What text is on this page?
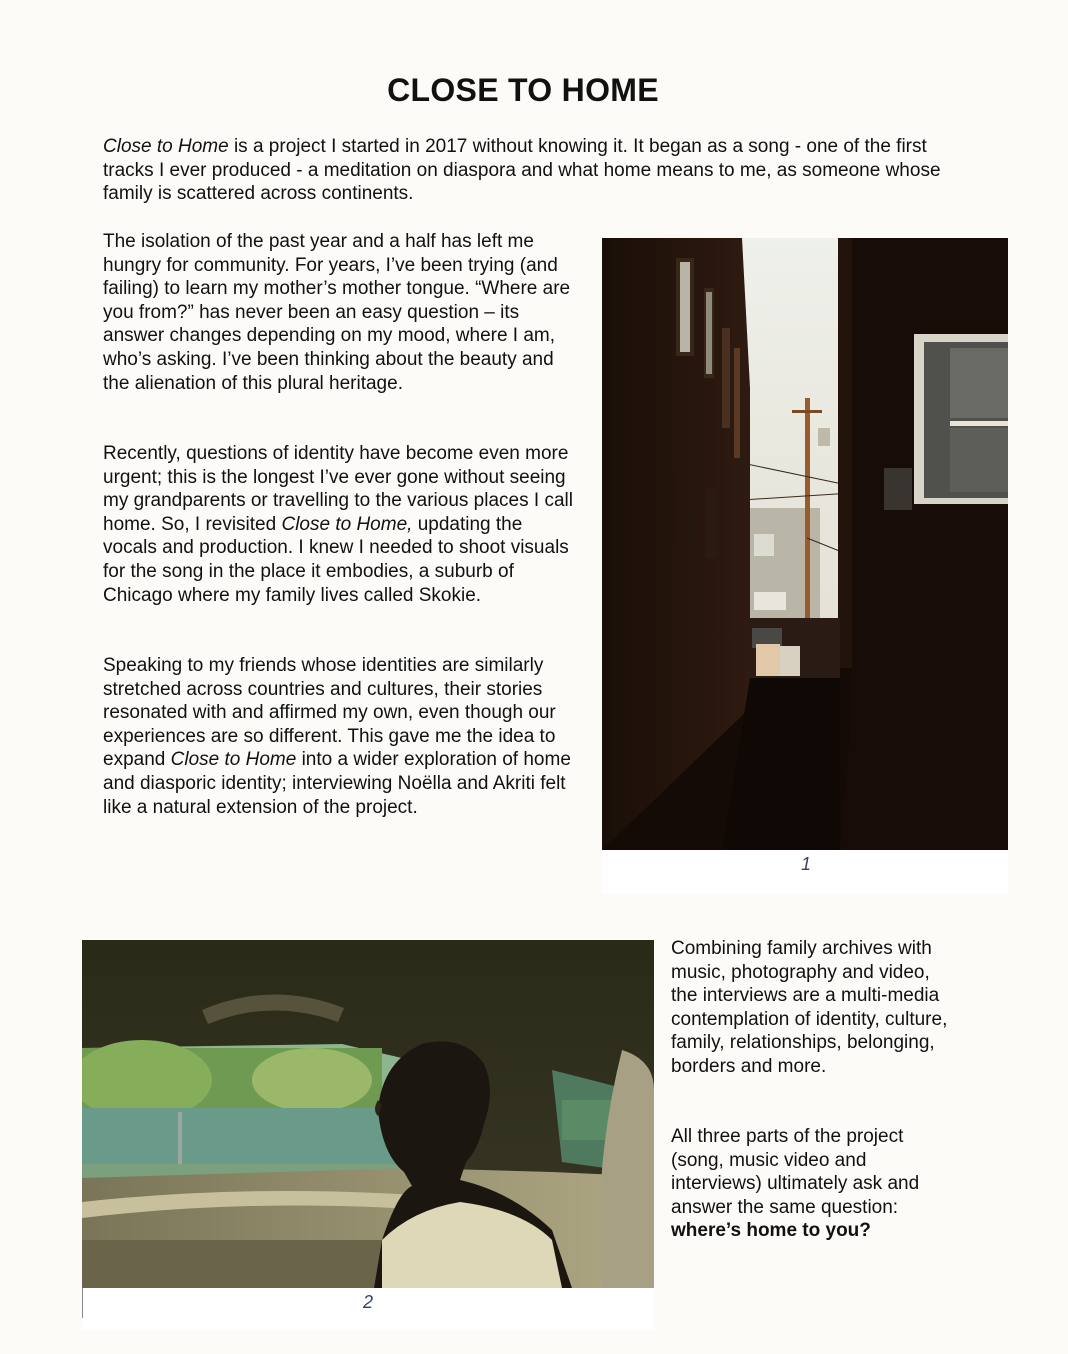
CLOSE TO HOME

Close to Home is a project I started in 2017 without knowing it. It began as a song - one of the first tracks I ever produced - a meditation on diaspora and what home means to me, as someone whose family is scattered across continents.

The isolation of the past year and a half has left me hungry for community. For years, I’ve been trying (and failing) to learn my mother’s mother tongue. “Where are you from?” has never been an easy question – its answer changes depending on my mood, where I am, who’s asking. I’ve been thinking about the beauty and the alienation of this plural heritage.

Recently, questions of identity have become even more urgent; this is the longest I’ve ever gone without seeing my grandparents or travelling to the various places I call home. So, I revisited Close to Home, updating the vocals and production. I knew I needed to shoot visuals for the song in the place it embodies, a suburb of Chicago where my family lives called Skokie.

Speaking to my friends whose identities are similarly stretched across countries and cultures, their stories resonated with and affirmed my own, even though our experiences are so different. This gave me the idea to expand Close to Home into a wider exploration of home and diasporic identity; interviewing Noëlla and Akriti felt like a natural extension of the project.

Combining family archives with music, photography and video, the interviews are a multi-media contemplation of identity, culture, family, relationships, belonging, borders and more.

All three parts of the project (song, music video and interviews) ultimately ask and answer the same question: where’s home to you?

1
2
